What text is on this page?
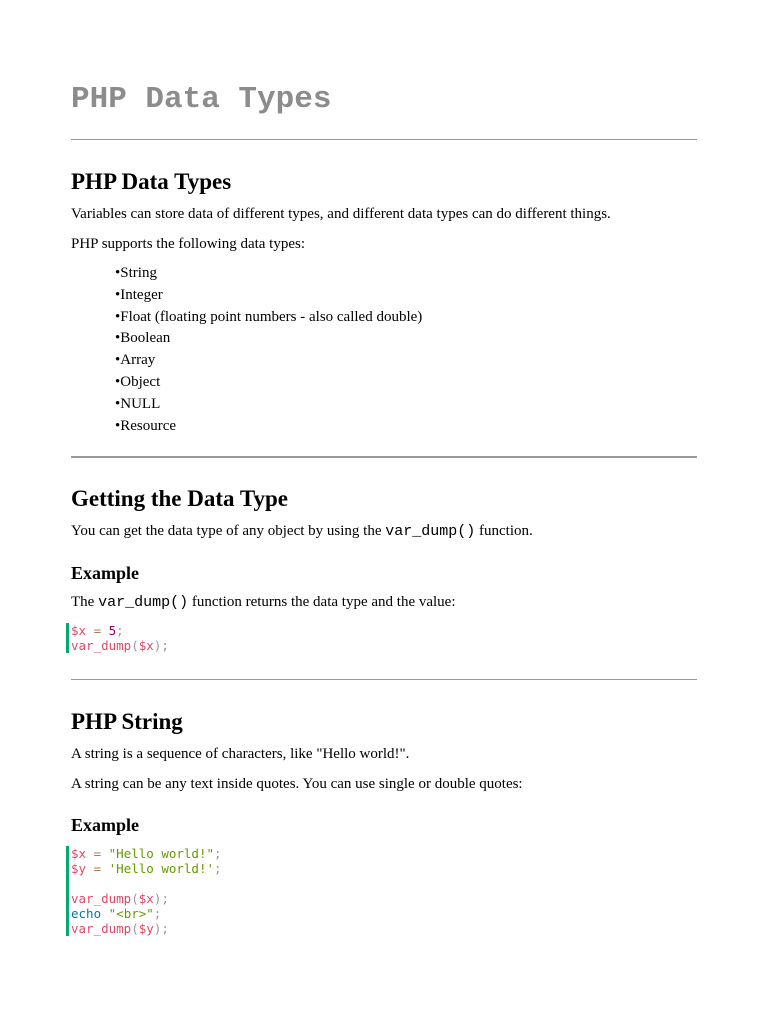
PHP Data Types
PHP Data Types

Variables can store data of different types, and different data types can do different things.

PHP supports the following data types:

• String
• Integer
• Float (floating point numbers - also called double)
• Boolean
• Array
• Object
• NULL
• Resource
Getting the Data Type

You can get the data type of any object by using the var_dump() function.

Example

The var_dump() function returns the data type and the value:

$x = 5;
var_dump($x);
PHP String

A string is a sequence of characters, like "Hello world!".

A string can be any text inside quotes. You can use single or double quotes:

Example
$x = "Hello world!";
$y = 'Hello world!';
var_dump($x);
echo "<br>";
var_dump($y);
